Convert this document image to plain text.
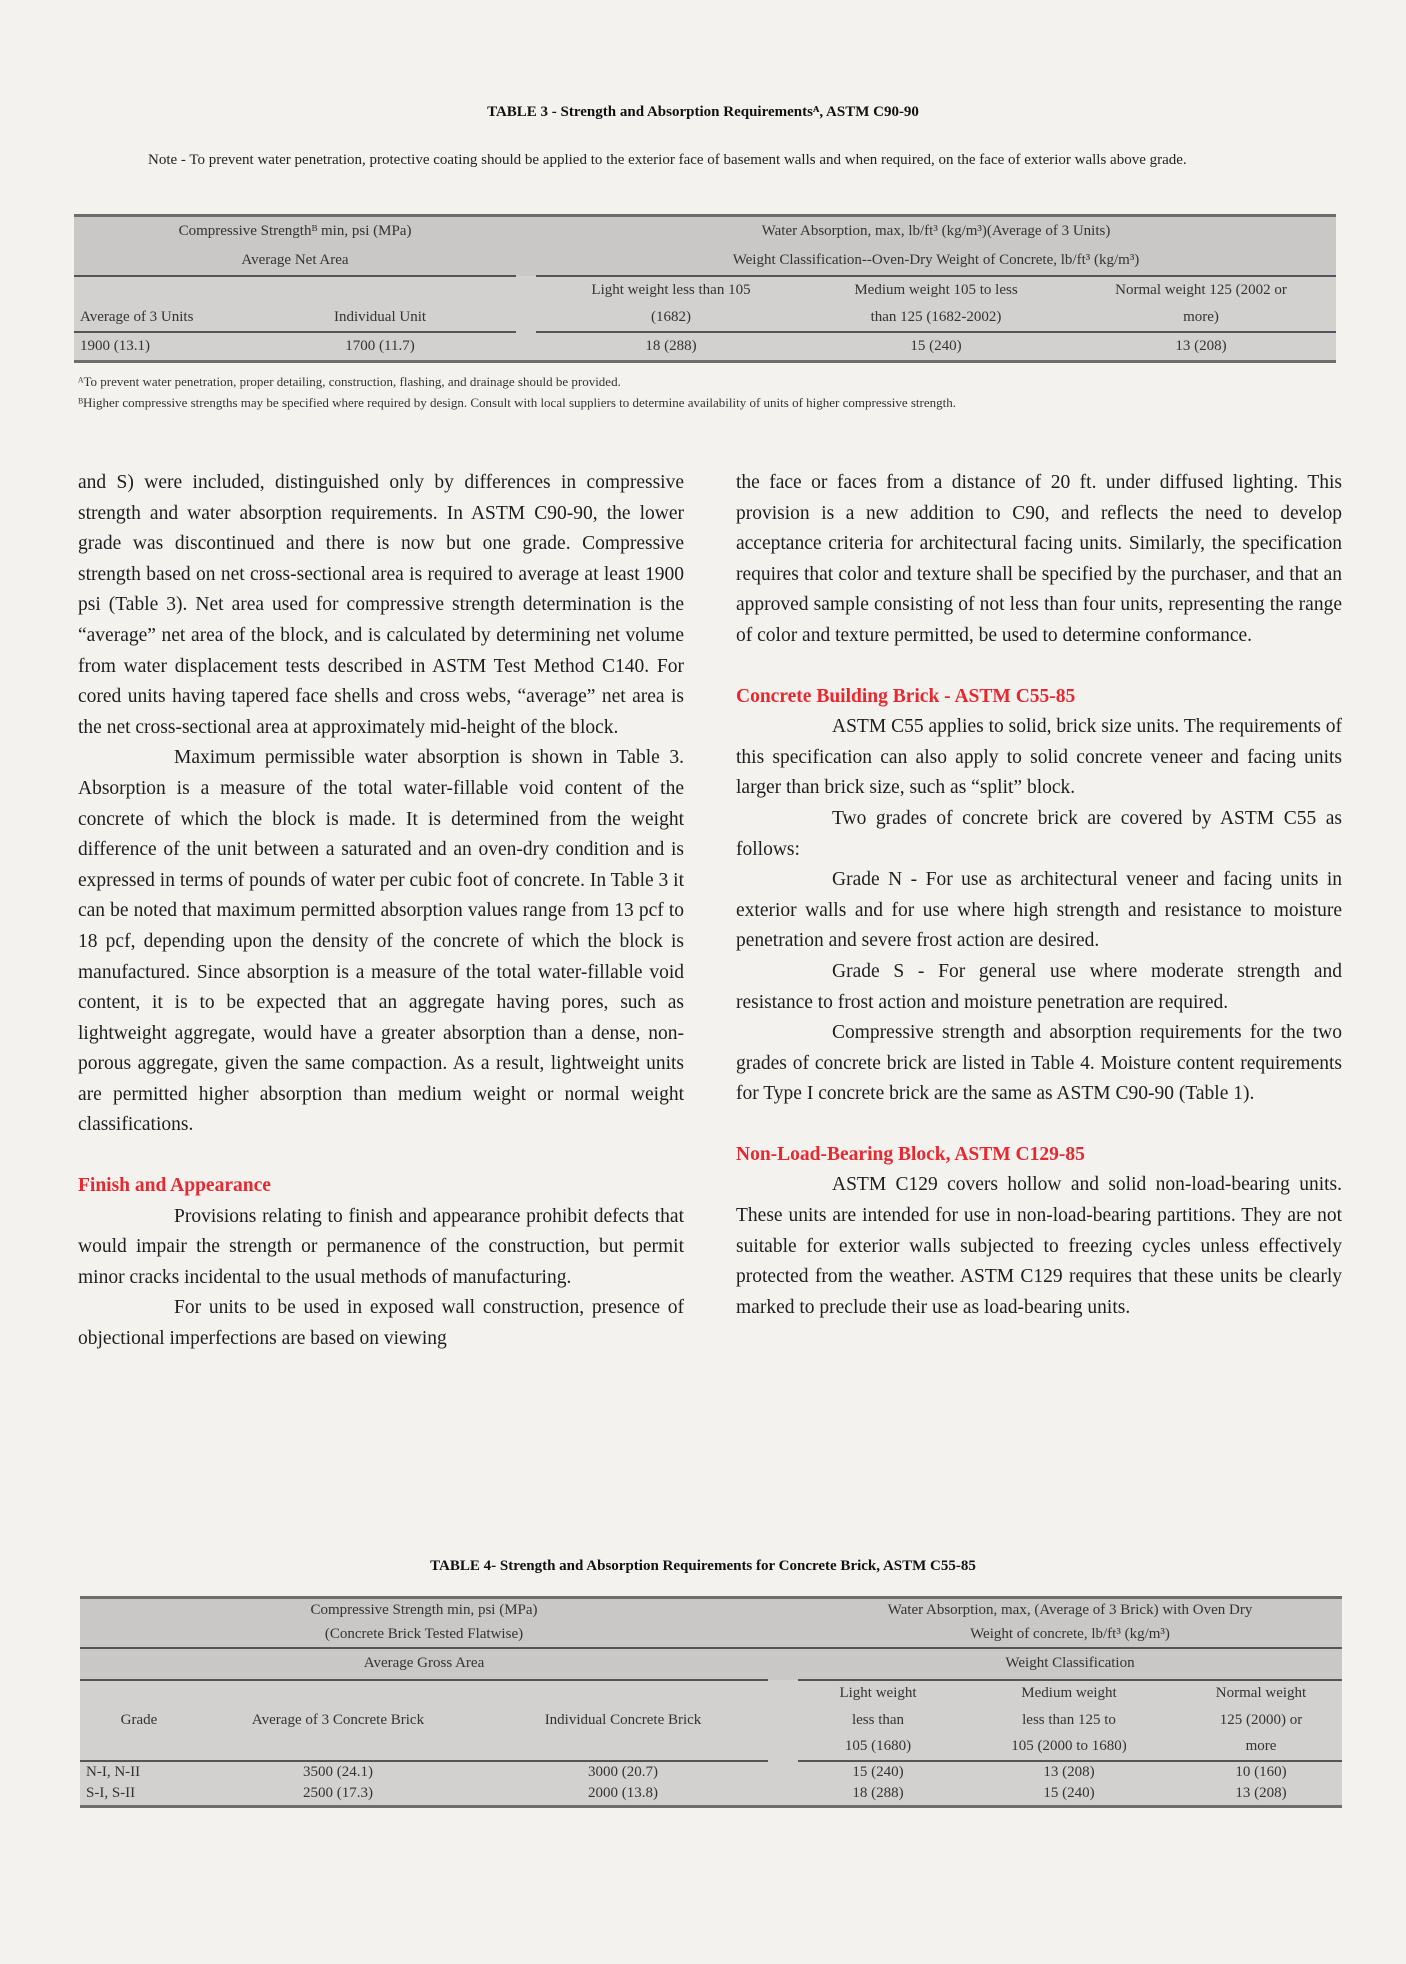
TABLE 3 - Strength and Absorption Requirementsᴬ, ASTM C90-90
Note - To prevent water penetration, protective coating should be applied to the exterior face of basement walls and when required, on the face of exterior walls above grade.
Compressive Strengthᴮ min, psi (MPa)			Water Absorption, max, lb/ft³ (kg/m³)(Average of 3 Units)		
Average Net Area			Weight Classification--Oven-Dry Weight of Concrete, lb/ft³ (kg/m³)		
			Light weight less than 105	Medium weight 105 to less	Normal weight 125 (2002 or
Average of 3 Units	Individual Unit		(1682)	than 125 (1682-2002)	more)
1900 (13.1)	1700 (11.7)		18 (288)	15 (240)	13 (208)
ᴬTo prevent water penetration, proper detailing, construction, flashing, and drainage should be provided.
ᴮHigher compressive strengths may be specified where required by design. Consult with local suppliers to determine availability of units of higher compressive strength.

and S) were included, distinguished only by differences in compressive strength and water absorption requirements. In ASTM C90-90, the lower grade was discontinued and there is now but one grade. Compressive strength based on net cross-sectional area is required to average at least 1900 psi (Table 3). Net area used for compressive strength determination is the “average” net area of the block, and is calculated by determining net volume from water displacement tests described in ASTM Test Method C140. For cored units having tapered face shells and cross webs, “average” net area is the net cross-sectional area at approximately mid-height of the block.

Maximum permissible water absorption is shown in Table 3. Absorption is a measure of the total water-fillable void content of the concrete of which the block is made. It is determined from the weight difference of the unit between a saturated and an oven-dry condition and is expressed in terms of pounds of water per cubic foot of concrete. In Table 3 it can be noted that maximum permitted absorption values range from 13 pcf to 18 pcf, depending upon the density of the concrete of which the block is manufactured. Since absorption is a measure of the total water-fillable void content, it is to be expected that an aggregate having pores, such as lightweight aggregate, would have a greater absorption than a dense, non-porous aggregate, given the same compaction. As a result, lightweight units are permitted higher absorption than medium weight or normal weight classifications.

Finish and Appearance

Provisions relating to finish and appearance prohibit defects that would impair the strength or permanence of the construction, but permit minor cracks incidental to the usual methods of manufacturing.

For units to be used in exposed wall construction, presence of objectional imperfections are based on viewing

the face or faces from a distance of 20 ft. under diffused lighting. This provision is a new addition to C90, and reflects the need to develop acceptance criteria for architectural facing units. Similarly, the specification requires that color and texture shall be specified by the purchaser, and that an approved sample consisting of not less than four units, representing the range of color and texture permitted, be used to determine conformance.

Concrete Building Brick - ASTM C55-85

ASTM C55 applies to solid, brick size units. The requirements of this specification can also apply to solid concrete veneer and facing units larger than brick size, such as “split” block.

Two grades of concrete brick are covered by ASTM C55 as follows:

Grade N - For use as architectural veneer and facing units in exterior walls and for use where high strength and resistance to moisture penetration and severe frost action are desired.

Grade S - For general use where moderate strength and resistance to frost action and moisture penetration are required.

Compressive strength and absorption requirements for the two grades of concrete brick are listed in Table 4. Moisture content requirements for Type I concrete brick are the same as ASTM C90-90 (Table 1).

Non-Load-Bearing Block, ASTM C129-85

ASTM C129 covers hollow and solid non-load-bearing units. These units are intended for use in non-load-bearing partitions. They are not suitable for exterior walls subjected to freezing cycles unless effectively protected from the weather. ASTM C129 requires that these units be clearly marked to preclude their use as load-bearing units.

TABLE 4- Strength and Absorption Requirements for Concrete Brick, ASTM C55-85
Compressive Strength min, psi (MPa)				Water Absorption, max, (Average of 3 Brick) with Oven Dry		
(Concrete Brick Tested Flatwise)				Weight of concrete, lb/ft³ (kg/m³)		
Average Gross Area				Weight Classification		
				Light weight	Medium weight	Normal weight
Grade	Average of 3 Concrete Brick	Individual Concrete Brick		less than	less than 125 to	125 (2000) or
				105 (1680)	105 (2000 to 1680)	more
N-I, N-II	3500 (24.1)	3000 (20.7)		15 (240)	13 (208)	10 (160)
S-I, S-II	2500 (17.3)	2000 (13.8)		18 (288)	15 (240)	13 (208)
